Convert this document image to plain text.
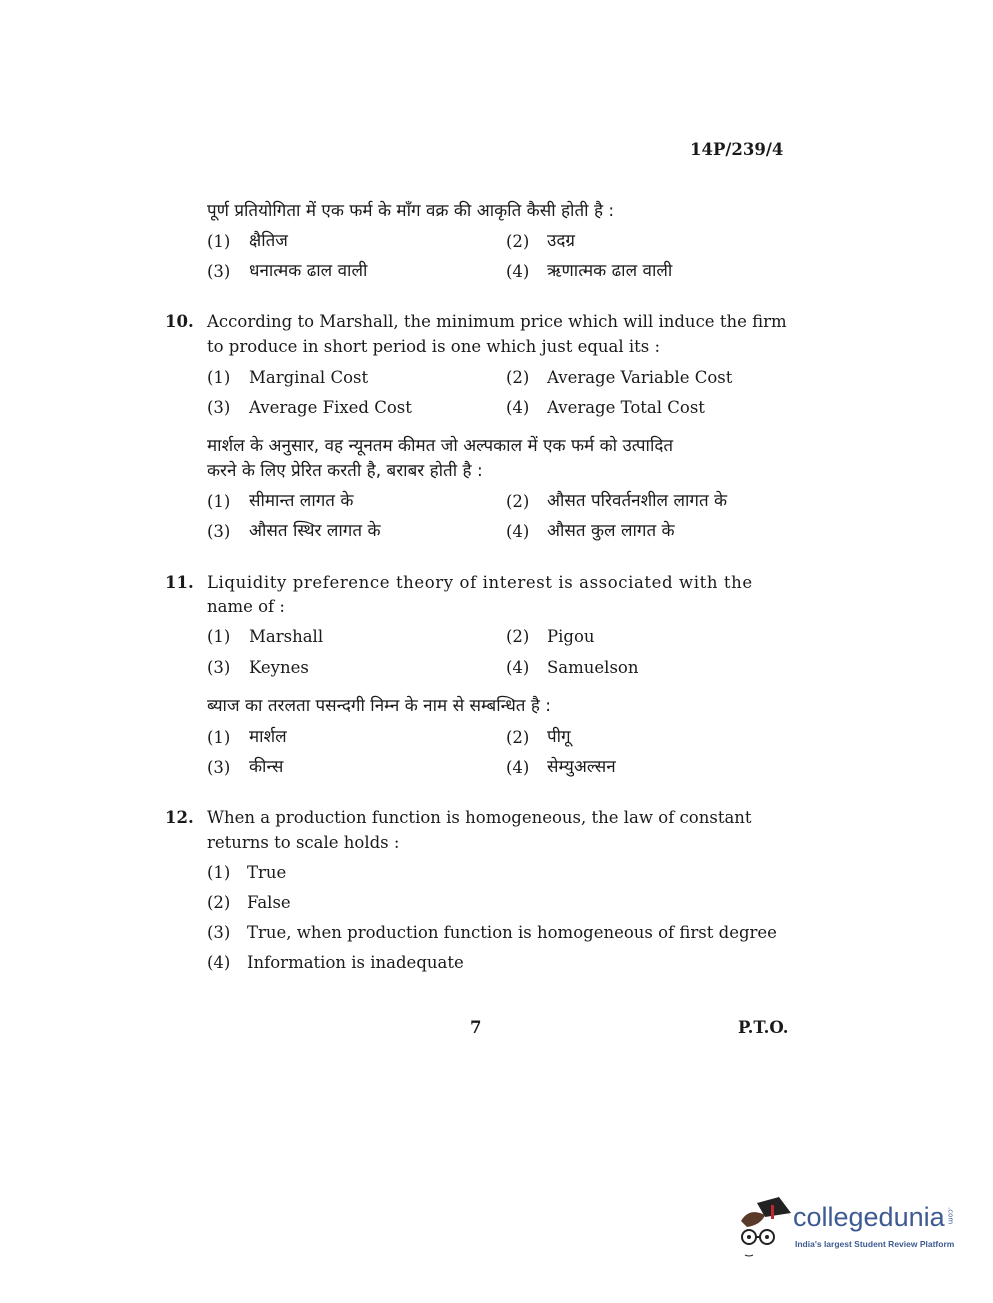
14P/239/4
पूर्ण प्रतियोगिता में एक फर्म के माँग वक्र की आकृति कैसी होती है :
(1) क्षैतिज	(2) उदग्र
(3) धनात्मक ढाल वाली	(4) ऋणात्मक ढाल वाली
10. According to Marshall, the minimum price which will induce the firm
to produce in short period is one which just equal its :
(1) Marginal Cost	(2) Average Variable Cost
(3) Average Fixed Cost	(4) Average Total Cost
मार्शल के अनुसार, वह न्यूनतम कीमत जो अल्पकाल में एक फर्म को उत्पादित
करने के लिए प्रेरित करती है, बराबर होती है :
(1) सीमान्त लागत के	(2) औसत परिवर्तनशील लागत के
(3) औसत स्थिर लागत के	(4) औसत कुल लागत के
11. Liquidity preference theory of interest is associated with the
name of :
(1) Marshall	(2) Pigou
(3) Keynes	(4) Samuelson
ब्याज का तरलता पसन्दगी निम्न के नाम से सम्बन्धित है :
(1) मार्शल	(2) पीगू
(3) कीन्स	(4) सेम्युअल्सन
12. When a production function is homogeneous, the law of constant
returns to scale holds :
(1) True
(2) False
(3) True, when production function is homogeneous of first degree
(4) Information is inadequate
7	P.T.O.
collegedunia .com
India's largest Student Review Platform
